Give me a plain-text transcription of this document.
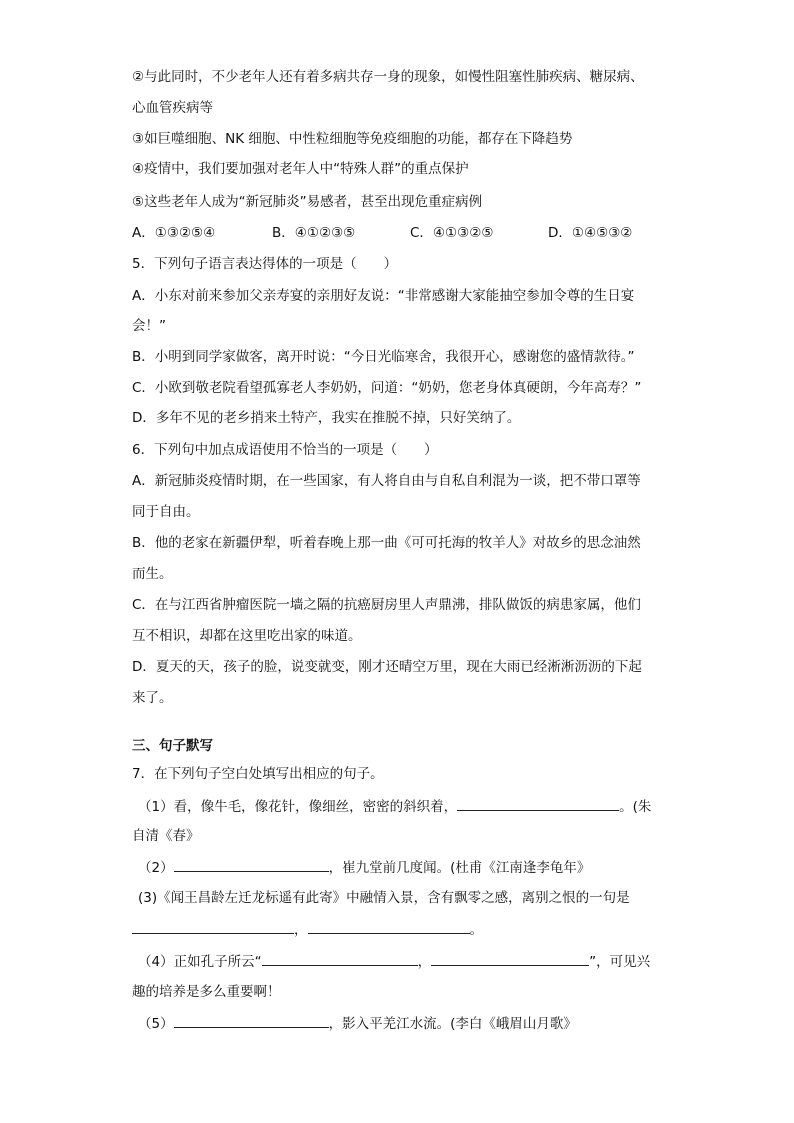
②与此同时，不少老年人还有着多病共存一身的现象，如慢性阻塞性肺疾病、糖尿病、
心血管疾病等
③如巨噬细胞、NK 细胞、中性粒细胞等免疫细胞的功能，都存在下降趋势
④疫情中，我们要加强对老年人中“特殊人群”的重点保护
⑤这些老年人成为“新冠肺炎”易感者，甚至出现危重症病例
A．①③②⑤④	B．④①②③⑤	C．④①③②⑤	D．①④⑤③②
5．下列句子语言表达得体的一项是（　　）
A．小东对前来参加父亲寿宴的亲朋好友说：“非常感谢大家能抽空参加令尊的生日宴
会！”
B．小明到同学家做客，离开时说：“今日光临寒舍，我很开心，感谢您的盛情款待。”
C．小欧到敬老院看望孤寡老人李奶奶，问道：“奶奶，您老身体真硬朗，今年高寿？”
D．多年不见的老乡捎来土特产，我实在推脱不掉，只好笑纳了。
6．下列句中加点成语使用不恰当的一项是（　　）
A．新冠肺炎疫情时期，在一些国家，有人将自由与自私自利混为一谈，把不带口罩等
同于自由。
B．他的老家在新疆伊犁，听着春晚上那一曲《可可托海的牧羊人》对故乡的思念油然
而生。
C．在与江西省肿瘤医院一墙之隔的抗癌厨房里人声鼎沸，排队做饭的病患家属，他们
互不相识，却都在这里吃出家的味道。
D．夏天的天，孩子的脸，说变就变，刚才还晴空万里，现在大雨已经淅淅沥沥的下起
来了。
三、句子默写
7．在下列句子空白处填写出相应的句子。
（1）看，像牛毛，像花针，像细丝，密密的斜织着，	。(朱
自清《春》
（2）	，崔九堂前几度闻。(杜甫《江南逢李龟年》
(3)《闻王昌龄左迁龙标遥有此寄》中融情入景，含有飘零之感，离别之恨的一句是
，	。
（4）正如孔子所云“	，	”，可见兴
趣的培养是多么重要啊！
（5）	，影入平羌江水流。(李白《峨眉山月歌》
